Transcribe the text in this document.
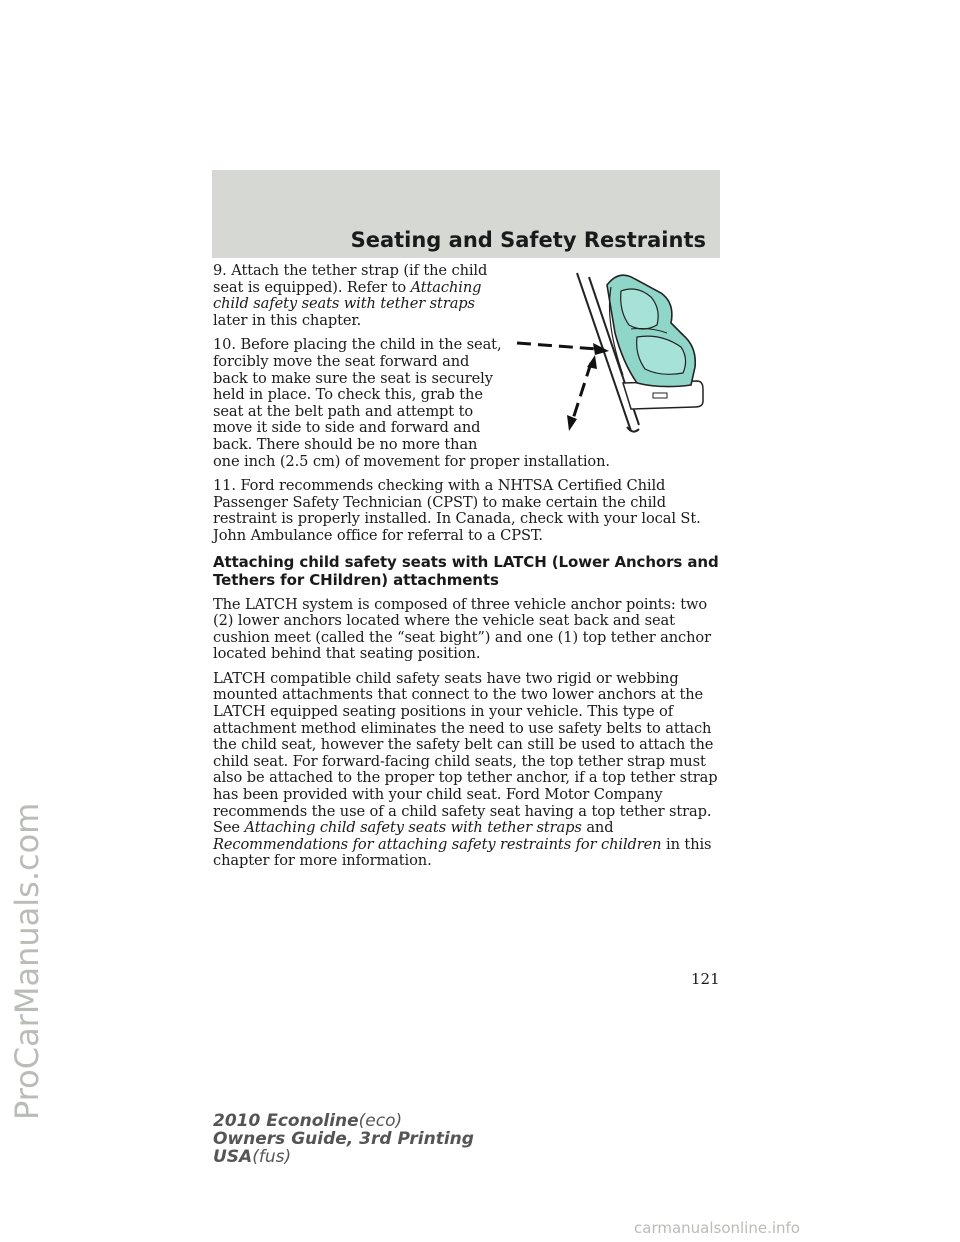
Seating and Safety Restraints

9. Attach the tether strap (if the child seat is equipped). Refer to Attaching child safety seats with tether straps later in this chapter.

10. Before placing the child in the seat, forcibly move the seat forward and back to make sure the seat is securely held in place. To check this, grab the seat at the belt path and attempt to move it side to side and forward and back. There should be no more than one inch (2.5 cm) of movement for proper installation.

11. Ford recommends checking with a NHTSA Certified Child Passenger Safety Technician (CPST) to make certain the child restraint is properly installed. In Canada, check with your local St. John Ambulance office for referral to a CPST.

Attaching child safety seats with LATCH (Lower Anchors and Tethers for CHildren) attachments

The LATCH system is composed of three vehicle anchor points: two (2) lower anchors located where the vehicle seat back and seat cushion meet (called the “seat bight”) and one (1) top tether anchor located behind that seating position.

LATCH compatible child safety seats have two rigid or webbing mounted attachments that connect to the two lower anchors at the LATCH equipped seating positions in your vehicle. This type of attachment method eliminates the need to use safety belts to attach the child seat, however the safety belt can still be used to attach the child seat. For forward-facing child seats, the top tether strap must also be attached to the proper top tether anchor, if a top tether strap has been provided with your child seat. Ford Motor Company recommends the use of a child safety seat having a top tether strap. See Attaching child safety seats with tether straps and Recommendations for attaching safety restraints for children in this chapter for more information.

121
2010 Econoline(eco)
Owners Guide, 3rd Printing
USA(fus)
ProCarManuals.com
carmanualsonline.info
